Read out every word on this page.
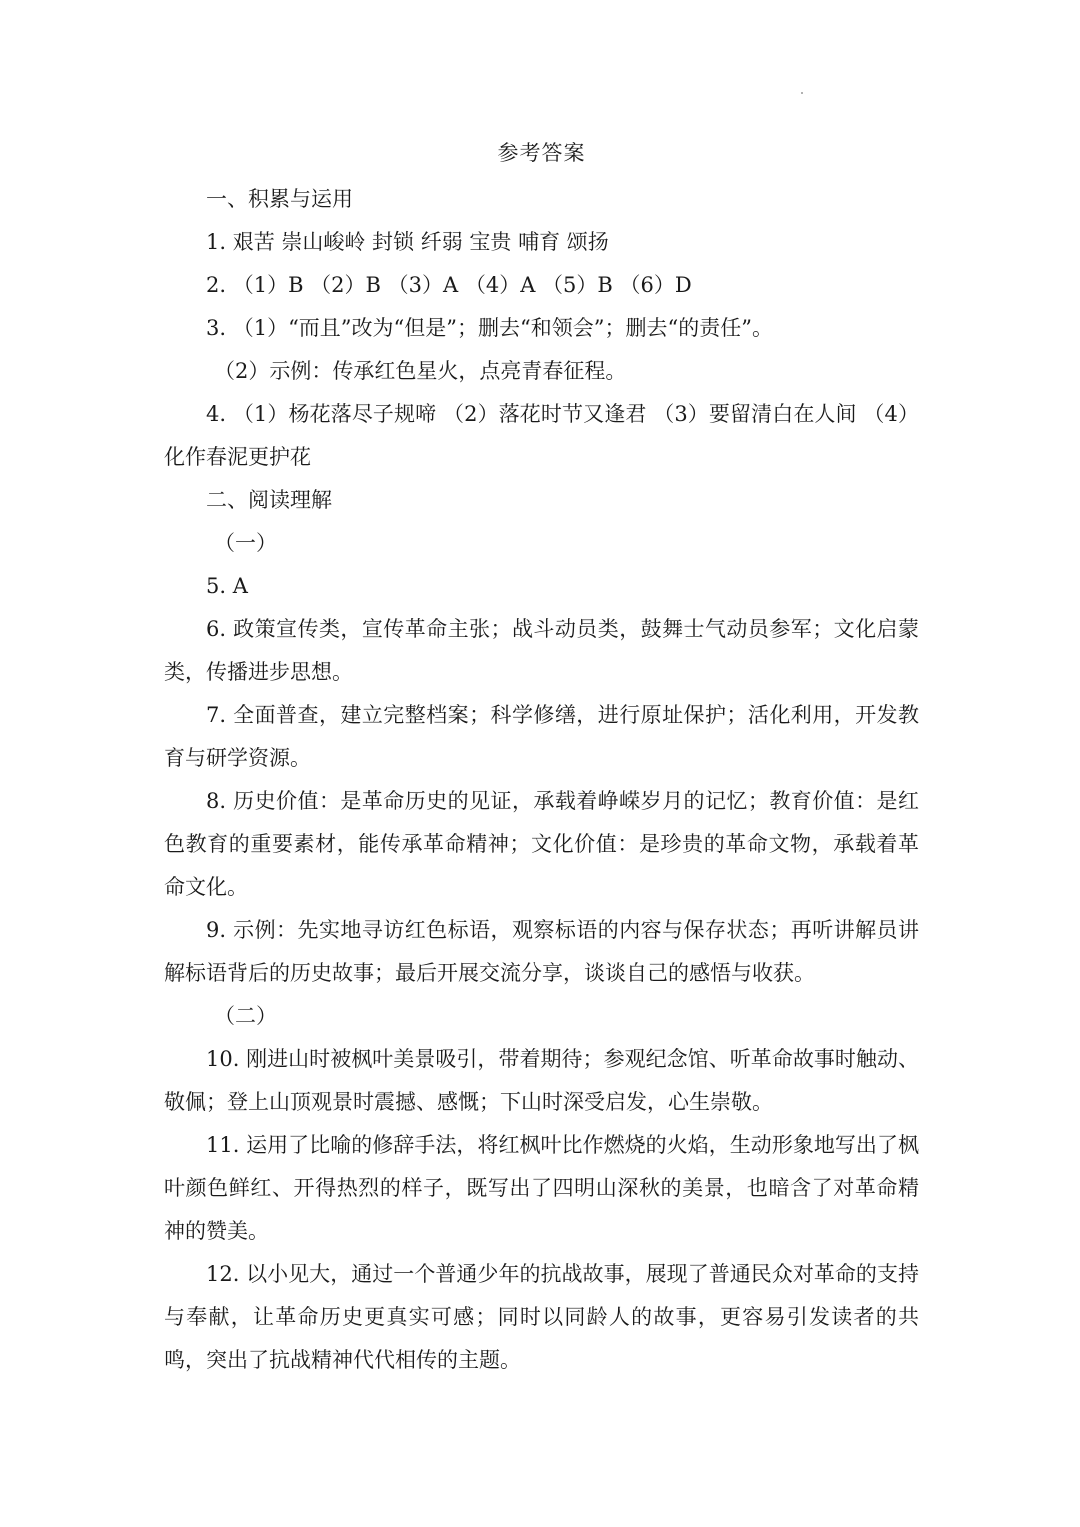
参考答案

一、积累与运用

1. 艰苦 崇山峻岭 封锁 纤弱 宝贵 哺育 颂扬

2. （1）B （2）B （3）A （4）A （5）B （6）D

3. （1）“而且”改为“但是”；删去“和领会”；删去“的责任”。

（2）示例：传承红色星火，点亮青春征程。

4. （1）杨花落尽子规啼 （2）落花时节又逢君 （3）要留清白在人间 （4）化作春泥更护花

二、阅读理解

（一）

5. A

6. 政策宣传类，宣传革命主张；战斗动员类，鼓舞士气动员参军；文化启蒙类，传播进步思想。

7. 全面普查，建立完整档案；科学修缮，进行原址保护；活化利用，开发教育与研学资源。

8. 历史价值：是革命历史的见证，承载着峥嵘岁月的记忆；教育价值：是红色教育的重要素材，能传承革命精神；文化价值：是珍贵的革命文物，承载着革命文化。

9. 示例：先实地寻访红色标语，观察标语的内容与保存状态；再听讲解员讲解标语背后的历史故事；最后开展交流分享，谈谈自己的感悟与收获。

（二）

10. 刚进山时被枫叶美景吸引，带着期待；参观纪念馆、听革命故事时触动、敬佩；登上山顶观景时震撼、感慨；下山时深受启发，心生崇敬。

11. 运用了比喻的修辞手法，将红枫叶比作燃烧的火焰，生动形象地写出了枫叶颜色鲜红、开得热烈的样子，既写出了四明山深秋的美景，也暗含了对革命精神的赞美。

12. 以小见大，通过一个普通少年的抗战故事，展现了普通民众对革命的支持与奉献，让革命历史更真实可感；同时以同龄人的故事，更容易引发读者的共鸣，突出了抗战精神代代相传的主题。
